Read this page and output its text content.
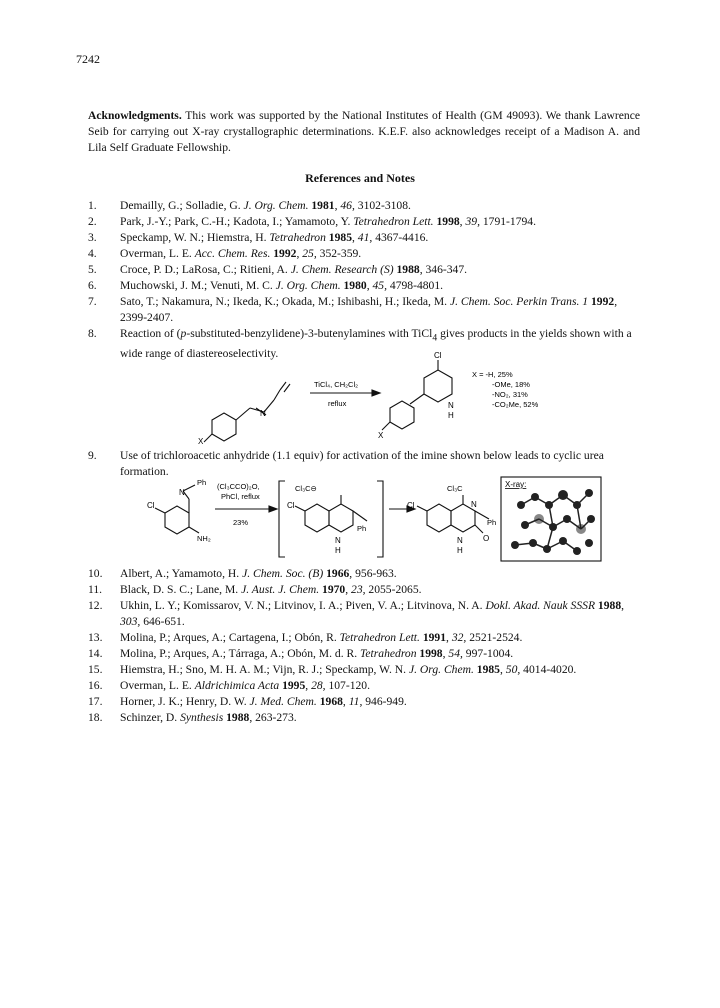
7242
Acknowledgments. This work was supported by the National Institutes of Health (GM 49093). We thank Lawrence Seib for carrying out X-ray crystallographic determinations. K.E.F. also acknowledges receipt of a Madison A. and Lila Self Graduate Fellowship.
References and Notes
1.	Demailly, G.; Solladie, G. J. Org. Chem. 1981, 46, 3102-3108.
2.	Park, J.-Y.; Park, C.-H.; Kadota, I.; Yamamoto, Y. Tetrahedron Lett. 1998, 39, 1791-1794.
3.	Speckamp, W. N.; Hiemstra, H. Tetrahedron 1985, 41, 4367-4416.
4.	Overman, L. E. Acc. Chem. Res. 1992, 25, 352-359.
5.	Croce, P. D.; LaRosa, C.; Ritieni, A. J. Chem. Research (S) 1988, 346-347.
6.	Muchowski, J. M.; Venuti, M. C. J. Org. Chem. 1980, 45, 4798-4801.
7.	Sato, T.; Nakamura, N.; Ikeda, K.; Okada, M.; Ishibashi, H.; Ikeda, M. J. Chem. Soc. Perkin Trans. 1 1992, 2399-2407.
8.	Reaction of (p-substituted-benzylidene)-3-butenylamines with TiCl$_4$ gives products in the yields shown with a wide range of diastereoselectivity.
9.	Use of trichloroacetic anhydride (1.1 equiv) for activation of the imine shown below leads to cyclic urea formation.
10.	Albert, A.; Yamamoto, H. J. Chem. Soc. (B) 1966, 956-963.
11.	Black, D. S. C.; Lane, M. J. Aust. J. Chem. 1970, 23, 2055-2065.
12.	Ukhin, L. Y.; Komissarov, V. N.; Litvinov, I. A.; Piven, V. A.; Litvinova, N. A. Dokl. Akad. Nauk SSSR 1988, 303, 646-651.
13.	Molina, P.; Arques, A.; Cartagena, I.; Obón, R. Tetrahedron Lett. 1991, 32, 2521-2524.
14.	Molina, P.; Arques, A.; Tárraga, A.; Obón, M. d. R. Tetrahedron 1998, 54, 997-1004.
15.	Hiemstra, H.; Sno, M. H. A. M.; Vijn, R. J.; Speckamp, W. N. J. Org. Chem. 1985, 50, 4014-4020.
16.	Overman, L. E. Aldrichimica Acta 1995, 28, 107-120.
17.	Horner, J. K.; Henry, D. W. J. Med. Chem. 1968, 11, 946-949.
18.	Schinzer, D. Synthesis 1988, 263-273.
N
X
TiCl₄, CH₂Cl₂
reflux
Cl
N
H
X
X = -H, 25%
-OMe, 18%
-NO₂, 31%
-CO₂Me, 52%
Cl
N
Ph
NH₂
(Cl₃CCO)₂O,
PhCl, reflux
23%
Cl₃C⊖
Cl
Ph
N
H
Cl₃C
Cl	N
Ph
N
H
O
X-ray:
